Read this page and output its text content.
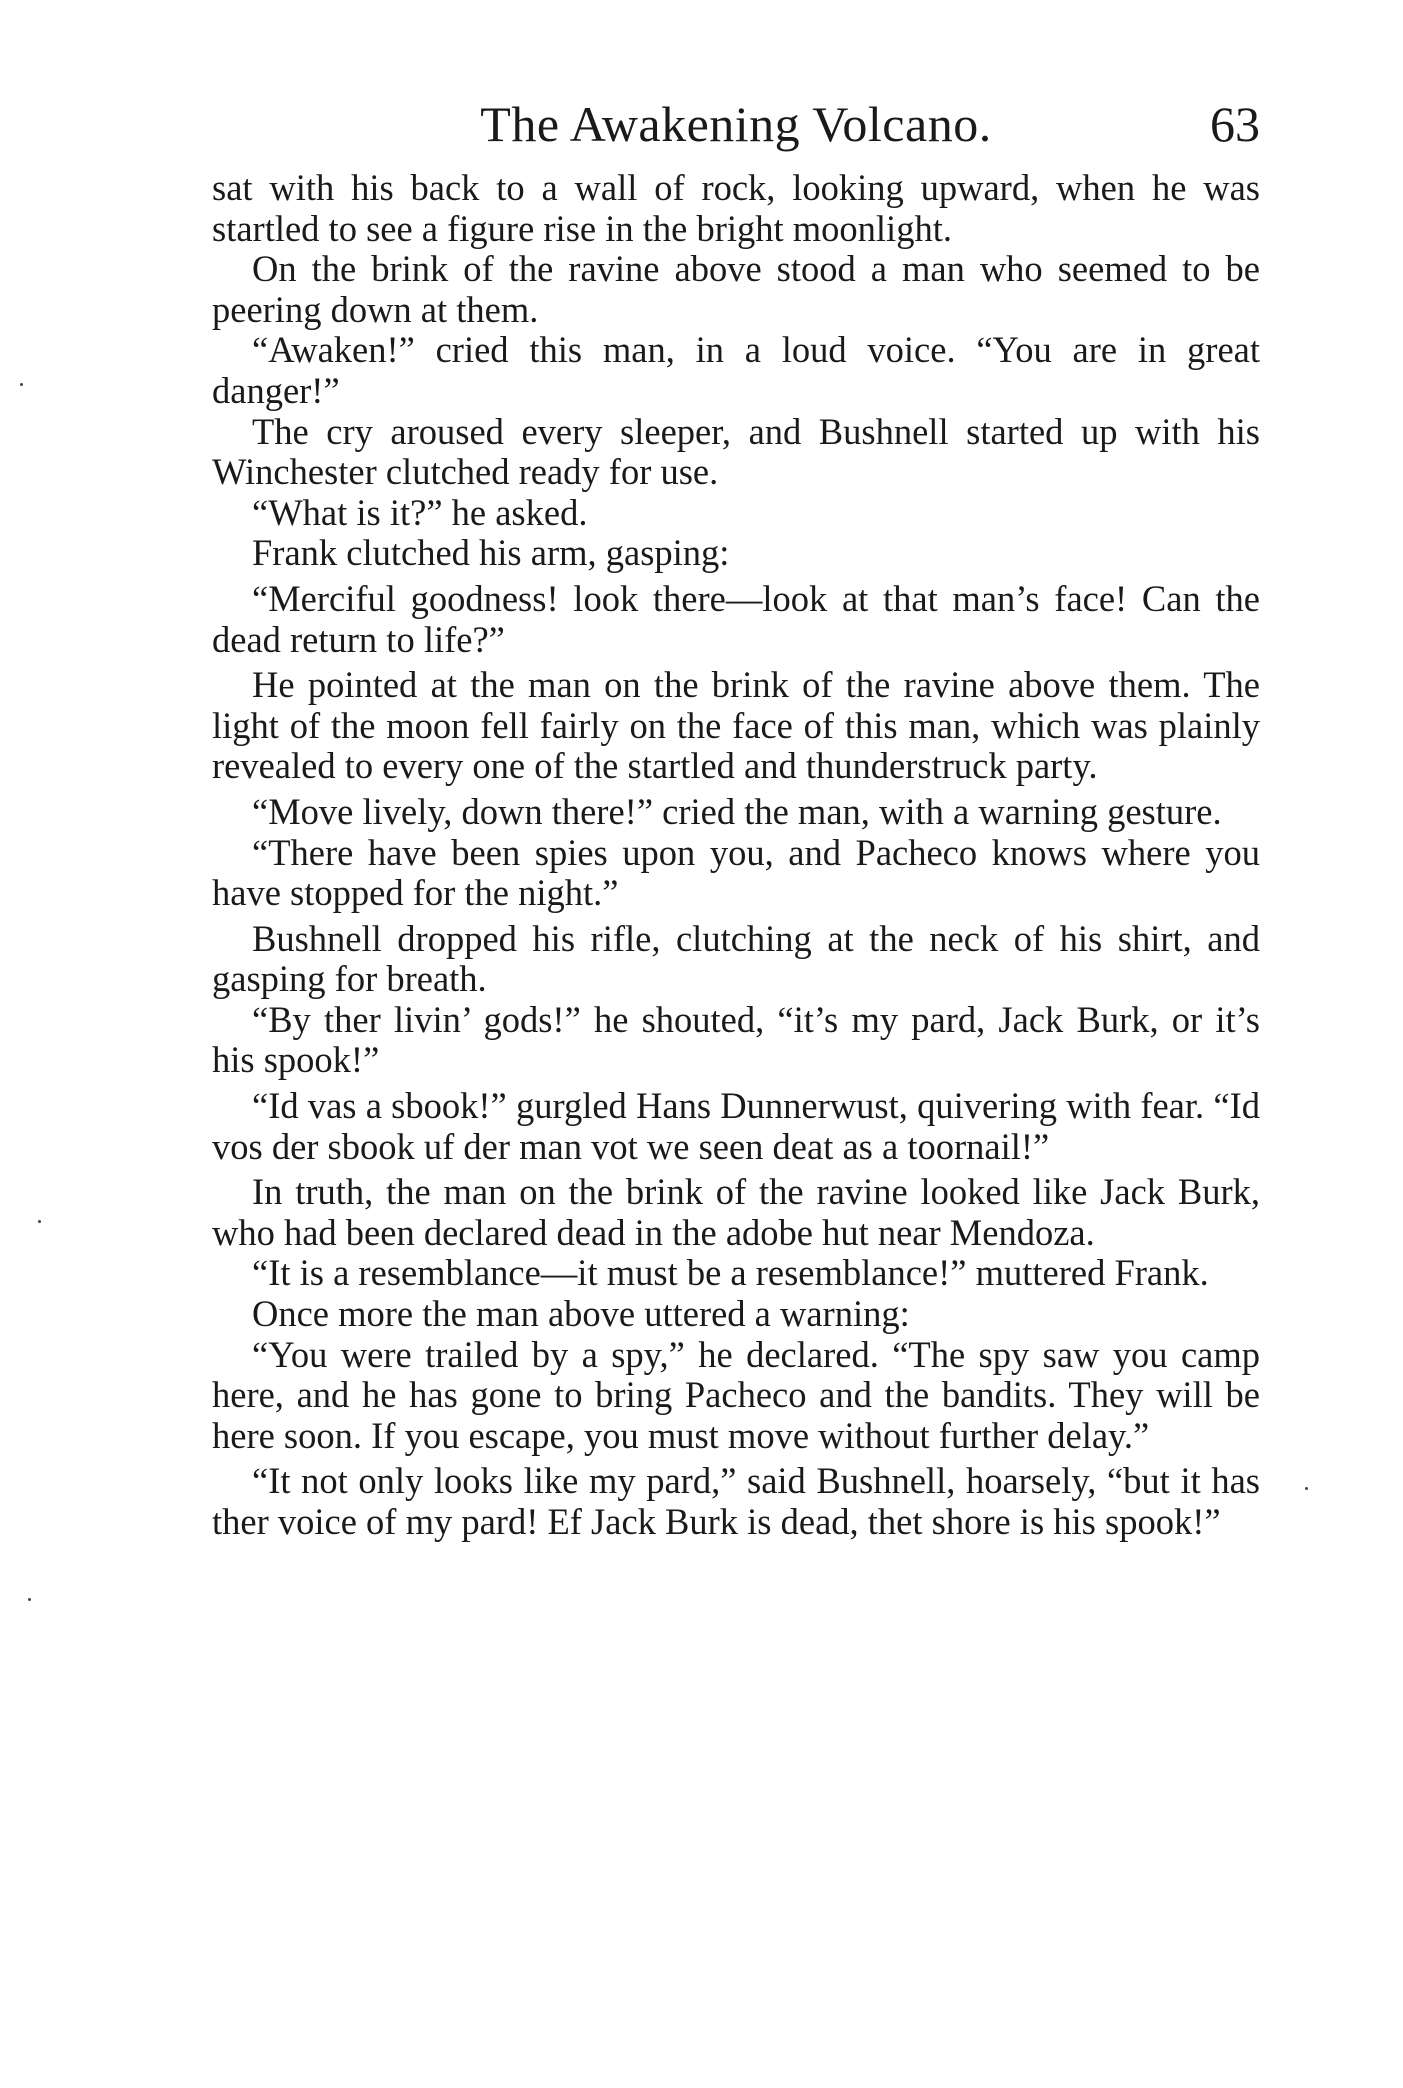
The Awakening Volcano.	63

sat with his back to a wall of rock, looking upward, when he was startled to see a figure rise in the bright moonlight.

On the brink of the ravine above stood a man who seemed to be peering down at them.

“Awaken!” cried this man, in a loud voice. “You are in great danger!”

The cry aroused every sleeper, and Bushnell started up with his Winchester clutched ready for use.

“What is it?” he asked.

Frank clutched his arm, gasping:

“Merciful goodness! look there—look at that man’s face! Can the dead return to life?”

He pointed at the man on the brink of the ravine above them. The light of the moon fell fairly on the face of this man, which was plainly revealed to every one of the startled and thunderstruck party.

“Move lively, down there!” cried the man, with a warning gesture.

“There have been spies upon you, and Pacheco knows where you have stopped for the night.”

Bushnell dropped his rifle, clutching at the neck of his shirt, and gasping for breath.

“By ther livin’ gods!” he shouted, “it’s my pard, Jack Burk, or it’s his spook!”

“Id vas a sbook!” gurgled Hans Dunnerwust, quivering with fear. “Id vos der sbook uf der man vot we seen deat as a toornail!”

In truth, the man on the brink of the ravine looked like Jack Burk, who had been declared dead in the adobe hut near Mendoza.

“It is a resemblance—it must be a resemblance!” muttered Frank.

Once more the man above uttered a warning:

“You were trailed by a spy,” he declared. “The spy saw you camp here, and he has gone to bring Pacheco and the bandits. They will be here soon. If you escape, you must move without further delay.”

“It not only looks like my pard,” said Bushnell, hoarsely, “but it has ther voice of my pard! Ef Jack Burk is dead, thet shore is his spook!”
